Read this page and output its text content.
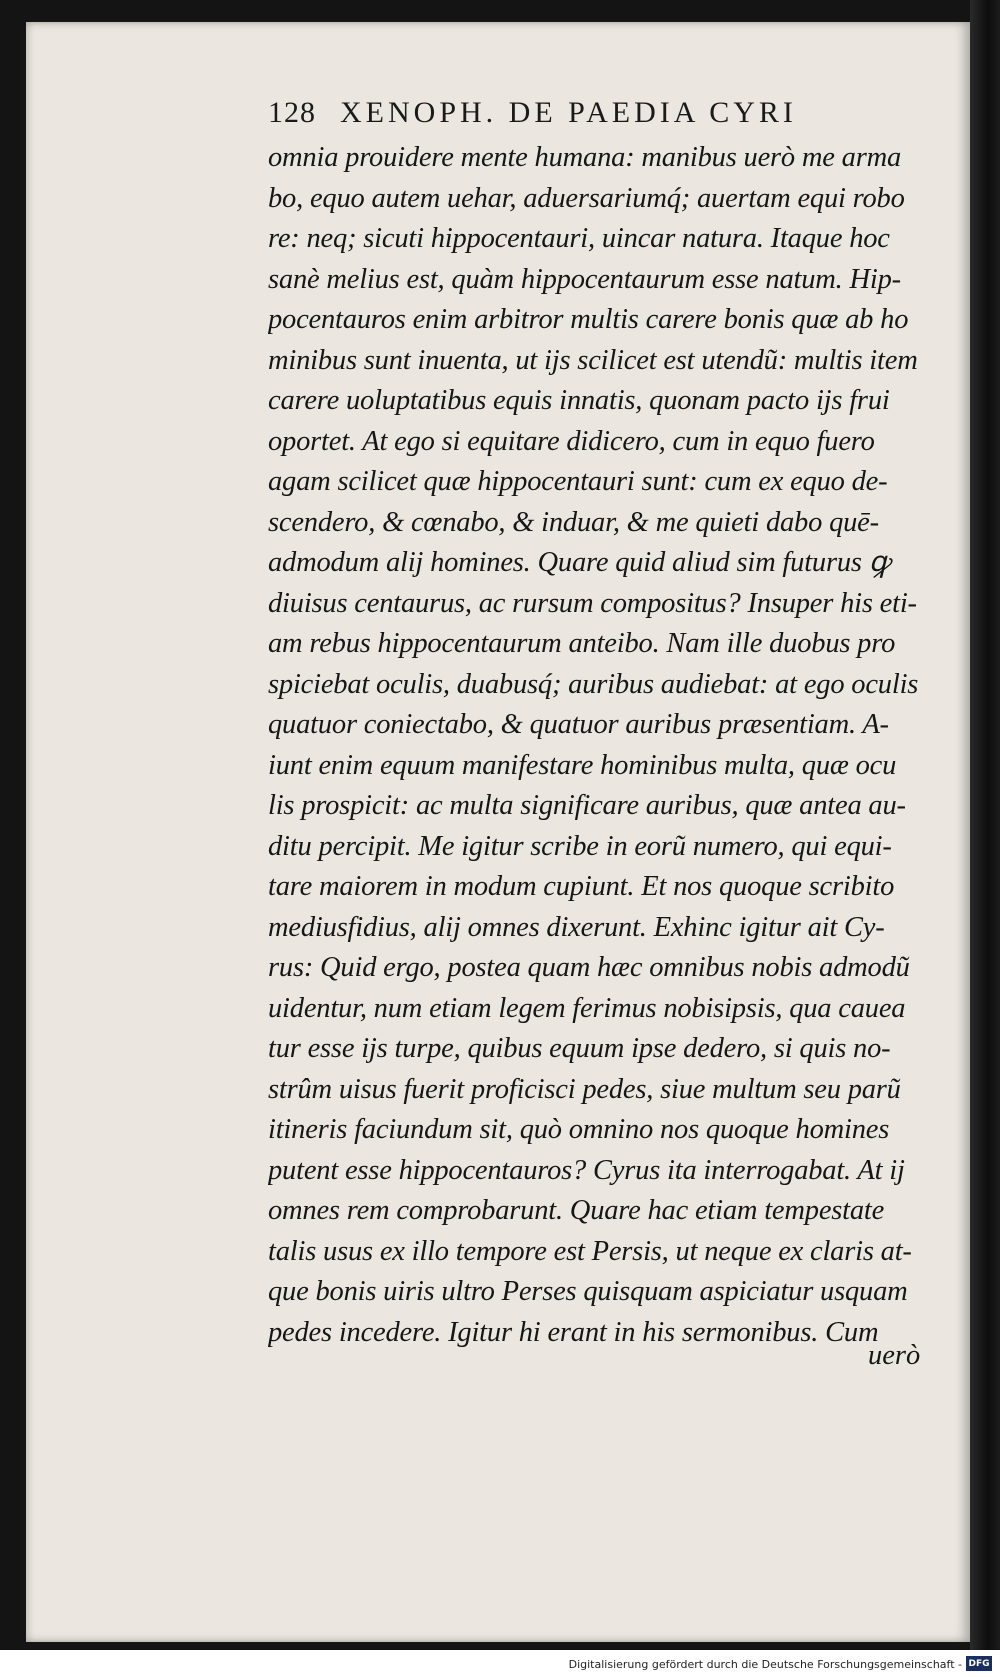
128 XENOPH. DE PAEDIA CYRI
omnia prouidere mente humana: manibus uerò me arma
bo, equo autem uehar, aduersariumq́; auertam equi robo
re: neq; sicuti hippocentauri, uincar natura. Itaque hoc
sanè melius est, quàm hippocentaurum esse natum. Hip-
pocentauros enim arbitror multis carere bonis quæ ab ho
minibus sunt inuenta, ut ijs scilicet est utendũ: multis item
carere uoluptatibus equis innatis, quonam pacto ijs frui
oportet. At ego si equitare didicero, cum in equo fuero
agam scilicet quæ hippocentauri sunt: cum ex equo de-
scendero, & cœnabo, & induar, & me quieti dabo quē-
admodum alij homines. Quare quid aliud sim futurus ꝙ
diuisus centaurus, ac rursum compositus? Insuper his eti-
am rebus hippocentaurum anteibo. Nam ille duobus pro
spiciebat oculis, duabusq́; auribus audiebat: at ego oculis
quatuor coniectabo, & quatuor auribus præsentiam. A-
iunt enim equum manifestare hominibus multa, quæ ocu
lis prospicit: ac multa significare auribus, quæ antea au-
ditu percipit. Me igitur scribe in eorũ numero, qui equi-
tare maiorem in modum cupiunt. Et nos quoque scribito
mediusfidius, alij omnes dixerunt. Exhinc igitur ait Cy-
rus: Quid ergo, postea quam hæc omnibus nobis admodũ
uidentur, num etiam legem ferimus nobisipsis, qua cauea
tur esse ijs turpe, quibus equum ipse dedero, si quis no-
strûm uisus fuerit proficisci pedes, siue multum seu parũ
itineris faciundum sit, quò omnino nos quoque homines
putent esse hippocentauros? Cyrus ita interrogabat. At ij
omnes rem comprobarunt. Quare hac etiam tempestate
talis usus ex illo tempore est Persis, ut neque ex claris at-
que bonis uiris ultro Perses quisquam aspiciatur usquam
pedes incedere. Igitur hi erant in his sermonibus. Cum
uerò
Digitalisierung gefördert durch die Deutsche Forschungsgemeinschaft - DFG
